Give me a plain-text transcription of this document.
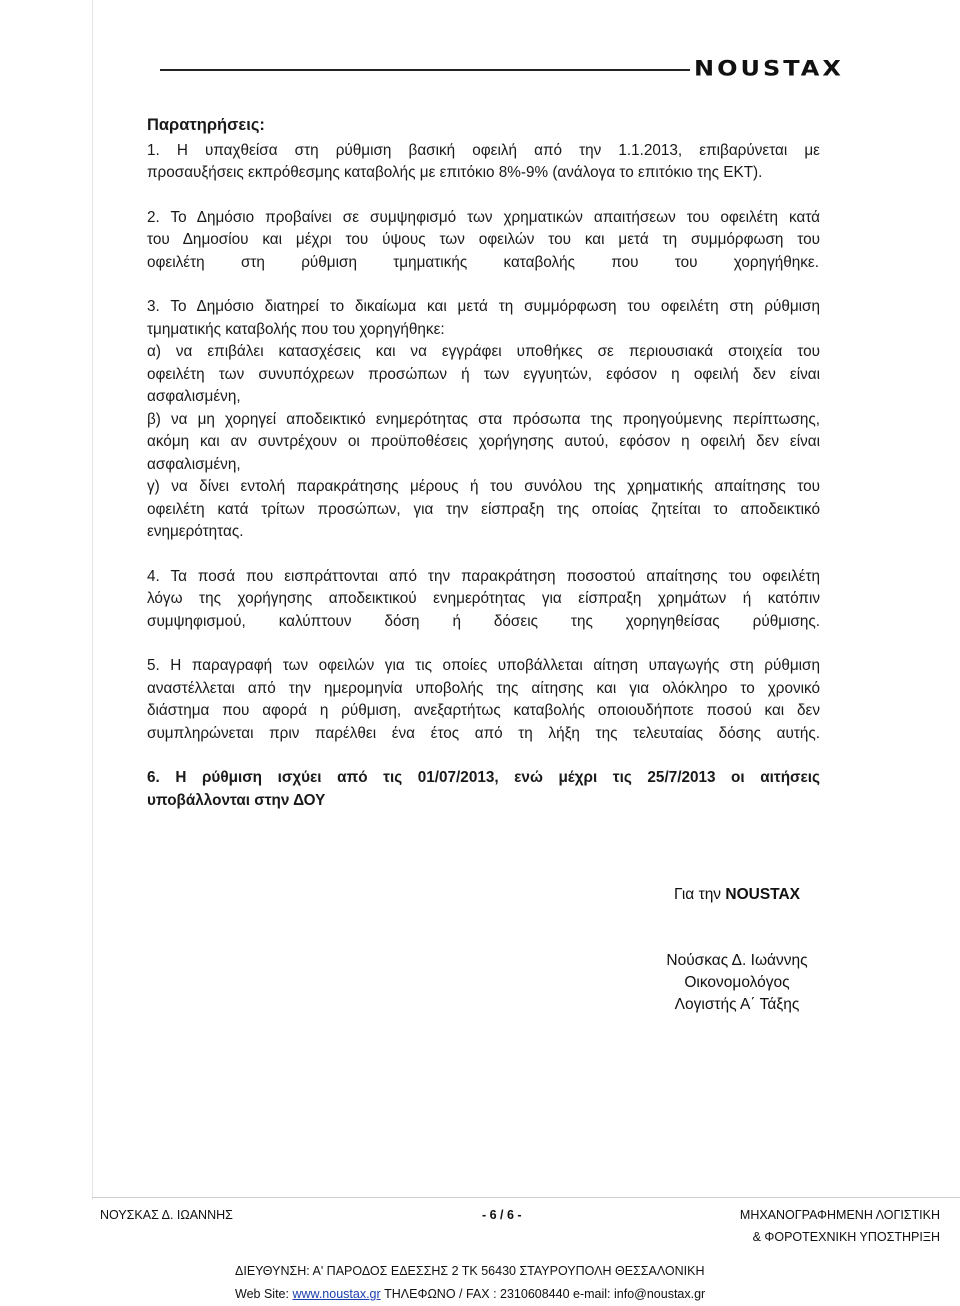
NOUSTAX

Παρατηρήσεις:

1. Η υπαχθείσα στη ρύθμιση βασική οφειλή από την 1.1.2013, επιβαρύνεται με

προσαυξήσεις εκπρόθεσμης καταβολής με επιτόκιο 8%-9% (ανάλογα το επιτόκιο της ΕΚΤ).

2. Το Δημόσιο προβαίνει σε συμψηφισμό των χρηματικών απαιτήσεων του οφειλέτη κατά

του Δημοσίου και μέχρι του ύψους των οφειλών του και μετά τη συμμόρφωση του

οφειλέτη στη ρύθμιση τμηματικής καταβολής που του χορηγήθηκε.

3. Το Δημόσιο διατηρεί το δικαίωμα και μετά τη συμμόρφωση του οφειλέτη στη ρύθμιση

τμηματικής καταβολής που του χορηγήθηκε:

α) να επιβάλει κατασχέσεις και να εγγράφει υποθήκες σε περιουσιακά στοιχεία του

οφειλέτη των συνυπόχρεων προσώπων ή των εγγυητών, εφόσον η οφειλή δεν είναι

ασφαλισμένη,

β) να μη χορηγεί αποδεικτικό ενημερότητας στα πρόσωπα της προηγούμενης περίπτωσης,

ακόμη και αν συντρέχουν οι προϋποθέσεις χορήγησης αυτού, εφόσον η οφειλή δεν είναι

ασφαλισμένη,

γ) να δίνει εντολή παρακράτησης μέρους ή του συνόλου της χρηματικής απαίτησης του

οφειλέτη κατά τρίτων προσώπων, για την είσπραξη της οποίας ζητείται το αποδεικτικό

ενημερότητας.

4. Τα ποσά που εισπράττονται από την παρακράτηση ποσοστού απαίτησης του οφειλέτη

λόγω της χορήγησης αποδεικτικού ενημερότητας για είσπραξη χρημάτων ή κατόπιν

συμψηφισμού, καλύπτουν δόση ή δόσεις της χορηγηθείσας ρύθμισης.

5. Η παραγραφή των οφειλών για τις οποίες υποβάλλεται αίτηση υπαγωγής στη ρύθμιση

αναστέλλεται από την ημερομηνία υποβολής της αίτησης και για ολόκληρο το χρονικό

διάστημα που αφορά η ρύθμιση, ανεξαρτήτως καταβολής οποιουδήποτε ποσού και δεν

συμπληρώνεται πριν παρέλθει ένα έτος από τη λήξη της τελευταίας δόσης αυτής.

6. Η ρύθμιση ισχύει από τις 01/07/2013, ενώ μέχρι τις 25/7/2013 οι αιτήσεις

υποβάλλονται στην ΔΟΥ

Για την NOUSTAX
Νούσκας Δ. Ιωάννης
Οικονομολόγος
Λογιστής Α΄ Τάξης
ΝΟΥΣΚΑΣ Δ. ΙΩΑΝΝΗΣ	- 6 / 6 -	ΜΗΧΑΝΟΓΡΑΦΗΜΕΝΗ ΛΟΓΙΣΤΙΚΗ
& ΦΟΡΟΤΕΧΝΙΚΗ ΥΠΟΣΤΗΡΙΞΗ
ΔΙΕΥΘΥΝΣΗ: Α' ΠΑΡΟΔΟΣ ΕΔΕΣΣΗΣ 2 ΤΚ 56430 ΣΤΑΥΡΟΥΠΟΛΗ ΘΕΣΣΑΛΟΝΙΚΗ
Web Site: www.noustax.gr ΤΗΛΕΦΩΝΟ / FAX : 2310608440 e-mail: info@noustax.gr
